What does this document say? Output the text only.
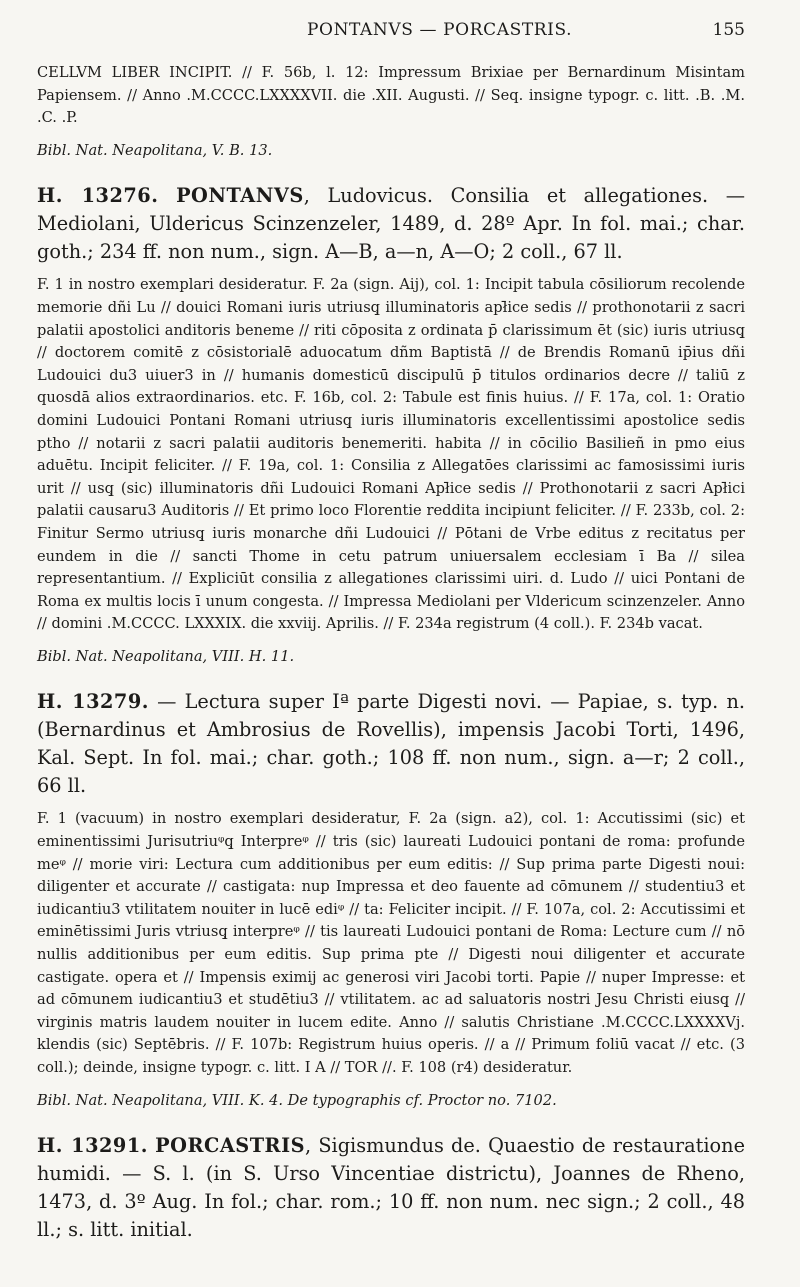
PONTANVS — PORCASTRIS.	155

CELLVM LIBER INCIPIT. // F. 56b, l. 12: Impressum Brixiae per Bernardinum Misintam Papiensem. // Anno .M.CCCC.LXXXXVII. die .XII. Augusti. // Seq. insigne typogr. c. litt. .B. .M. .C. .P.

Bibl. Nat. Neapolitana, V. B. 13.

H. 13276. PONTANVS, Ludovicus. Consilia et allegationes. — Mediolani, Uldericus Scinzenzeler, 1489, d. 28º Apr. In fol. mai.; char. goth.; 234 ff. non num., sign. A—B, a—n, A—O; 2 coll., 67 ll.

F. 1 in nostro exemplari desideratur. F. 2a (sign. Aij), col. 1: Incipit tabula cōsiliorum recolende memorie dñi Lu // douici Romani iuris utriusq̧ illuminatoris apł̄ice sedis // prothonotarii z sacri palatii apostolici anditoris beneme // riti cōposita z ordinata p̄ clarissimum ēt (sic) iuris utriusq̧ // doctorem comitē z cōsistorialē aduocatum dñm Baptistā // de Brendis Romanū ip̄ius dñi Ludouici du3 uiuer3 in // humanis domesticū discipulū p̄ titulos ordinarios decre // taliū z quosdā alios extraordinarios. etc. F. 16b, col. 2: Tabule est finis huius. // F. 17a, col. 1: Oratio domini Ludouici Pontani Romani utriusq̧ iuris illuminatoris excellentissimi apostolice sedis ptho // notarii z sacri palatii auditoris benemeriti. habita // in cōcilio Basilieñ in pmo eius aduētu. Incipit feliciter. // F. 19a, col. 1: Consilia z Allegatōes clarissimi ac famosissimi iuris urit // usq̧ (sic) illuminatoris dñi Ludouici Romani Apł̄ice sedis // Prothonotarii z sacri Apł̄ici palatii causaru3 Auditoris // Et primo loco Florentie reddita incipiunt feliciter. // F. 233b, col. 2: Finitur Sermo utriusq̧ iuris monarche dñi Ludouici // Pōtani de Vrbe editus z recitatus per eundem in die // sancti Thome in cetu patrum uniuersalem ecclesiam ī Ba // silea representantium. // Expliciūt consilia z allegationes clarissimi uiri. d. Ludo // uici Pontani de Roma ex multis locis ī unum congesta. // Impressa Mediolani per Vldericum scinzenzeler. Anno // domini .M.CCCC. LXXXIX. die xxviij. Aprilis. // F. 234a registrum (4 coll.). F. 234b vacat.

Bibl. Nat. Neapolitana, VIII. H. 11.

H. 13279. — Lectura super Iª parte Digesti novi. — Papiae, s. typ. n. (Bernardinus et Ambrosius de Rovellis), impensis Jacobi Torti, 1496, Kal. Sept. In fol. mai.; char. goth.; 108 ff. non num., sign. a—r; 2 coll., 66 ll.

F. 1 (vacuum) in nostro exemplari desideratur, F. 2a (sign. a2), col. 1: Accutissimi (sic) et eminentissimi Jurisutriuᵠq̧ Interpreᵠ // tris (sic) laureati Ludouici pontani de roma: profunde meᵠ // morie viri: Lectura cum additionibus per eum editis: // Sup prima parte Digesti noui: diligenter et accurate // castigata: nup Impressa et deo fauente ad cōmunem // studentiu3 et iudicantiu3 vtilitatem nouiter in lucē ediᵠ // ta: Feliciter incipit. // F. 107a, col. 2: Accutissimi et eminētissimi Juris vtriusq̧ interpreᵠ // tis laureati Ludouici pontani de Roma: Lecture cum // nō nullis additionibus per eum editis. Sup prima pte // Digesti noui diligenter et accurate castigate. opera et // Impensis eximij ac generosi viri Jacobi torti. Papie // nuper Impresse: et ad cōmunem iudicantiu3 et studētiu3 // vtilitatem. ac ad saluatoris nostri Jesu Christi eiusq̧ // virginis matris laudem nouiter in lucem edite. Anno // salutis Christiane .M.CCCC.LXXXXVj. klendis (sic) Septēbris. // F. 107b: Registrum huius operis. // a // Primum foliū vacat // etc. (3 coll.); deinde, insigne typogr. c. litt. I A // TOR //. F. 108 (r4) desideratur.

Bibl. Nat. Neapolitana, VIII. K. 4. De typographis cf. Proctor no. 7102.

H. 13291. PORCASTRIS, Sigismundus de. Quaestio de restauratione humidi. — S. l. (in S. Urso Vincentiae districtu), Joannes de Rheno, 1473, d. 3º Aug. In fol.; char. rom.; 10 ff. non num. nec sign.; 2 coll., 48 ll.; s. litt. initial.
